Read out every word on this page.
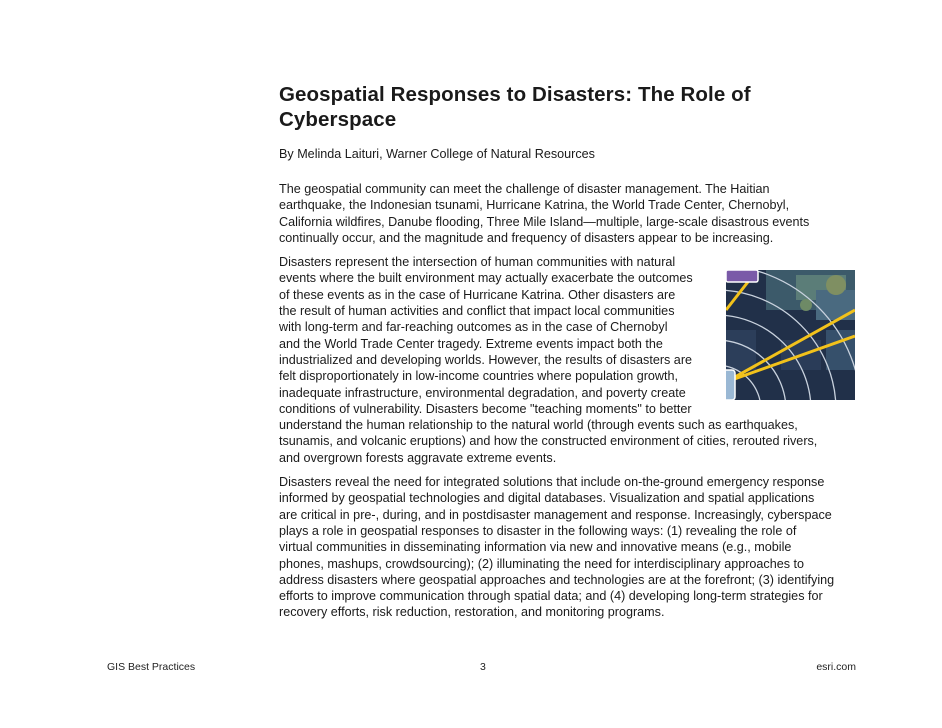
Geospatial Responses to Disasters: The Role of
Cyberspace
By Melinda Laituri, Warner College of Natural Resources

The geospatial community can meet the challenge of disaster management. The Haitian
earthquake, the Indonesian tsunami, Hurricane Katrina, the World Trade Center, Chernobyl,
California wildfires, Danube flooding, Three Mile Island—multiple, large-scale disastrous events
continually occur, and the magnitude and frequency of disasters appear to be increasing.

Disasters represent the intersection of human communities with natural
events where the built environment may actually exacerbate the outcomes
of these events as in the case of Hurricane Katrina. Other disasters are
the result of human activities and conflict that impact local communities
with long-term and far-reaching outcomes as in the case of Chernobyl
and the World Trade Center tragedy. Extreme events impact both the
industrialized and developing worlds. However, the results of disasters are
felt disproportionately in low-income countries where population growth,
inadequate infrastructure, environmental degradation, and poverty create
conditions of vulnerability. Disasters become "teaching moments" to better
understand the human relationship to the natural world (through events such as earthquakes,
tsunamis, and volcanic eruptions) and how the constructed environment of cities, rerouted rivers,
and overgrown forests aggravate extreme events.

Disasters reveal the need for integrated solutions that include on-the-ground emergency response
informed by geospatial technologies and digital databases. Visualization and spatial applications
are critical in pre-, during, and in postdisaster management and response. Increasingly, cyberspace
plays a role in geospatial responses to disaster in the following ways: (1) revealing the role of
virtual communities in disseminating information via new and innovative means (e.g., mobile
phones, mashups, crowdsourcing); (2) illuminating the need for interdisciplinary approaches to
address disasters where geospatial approaches and technologies are at the forefront; (3) identifying
efforts to improve communication through spatial data; and (4) developing long-term strategies for
recovery efforts, risk reduction, restoration, and monitoring programs.

GIS Best Practices	3	esri.com
